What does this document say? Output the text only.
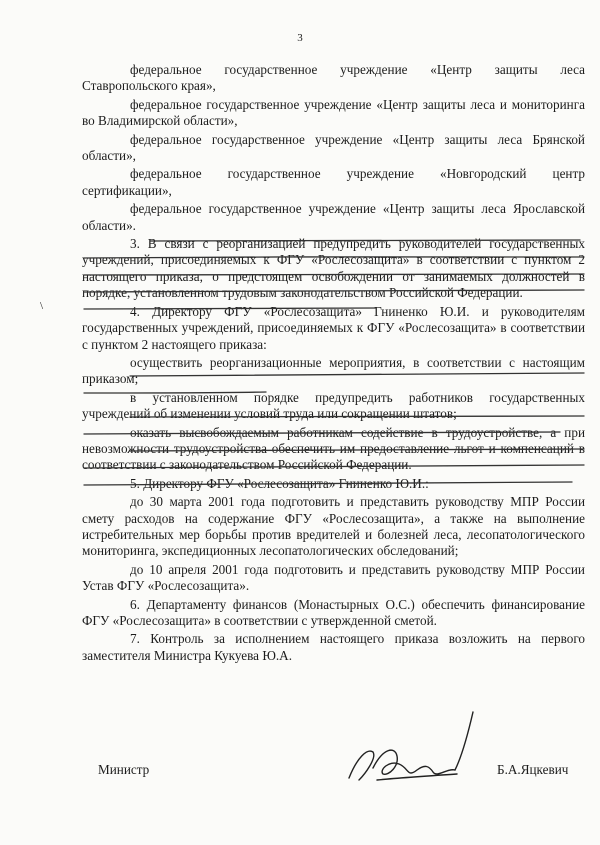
3
\

федеральное государственное учреждение «Центр защиты леса Ставропольского края»,

федеральное государственное учреждение «Центр защиты леса и мониторинга во Владимирской области»,

федеральное государственное учреждение «Центр защиты леса Брянской области»,

федеральное государственное учреждение «Новгородский центр сертификации»,

федеральное государственное учреждение «Центр защиты леса Ярославской области».

3. В связи с реорганизацией предупредить руководителей государственных учреждений, присоединяемых к ФГУ «Рослесозащита» в соответствии с пунктом 2 настоящего приказа, о предстоящем освобождении от занимаемых должностей в порядке, установленном трудовым законодательством Российской Федерации.

4. Директору ФГУ «Рослесозащита» Гниненко Ю.И. и руководителям государственных учреждений, присоединяемых к ФГУ «Рослесозащита» в соответствии с пунктом 2 настоящего приказа:

осуществить реорганизационные мероприятия, в соответствии с настоящим приказом;

в установленном порядке предупредить работников государственных учреждений об изменении условий труда или сокращении штатов;

оказать высвобождаемым работникам содействие в трудоустройстве, а при невозможности трудоустройства обеспечить им предоставление льгот и компенсаций в соответствии с законодательством Российской Федерации.

5. Директору ФГУ «Рослесозащита» Гниненко Ю.И.:

до 30 марта 2001 года подготовить и представить руководству МПР России смету расходов на содержание ФГУ «Рослесозащита», а также на выполнение истребительных мер борьбы против вредителей и болезней леса, лесопатологического мониторинга, экспедиционных лесопатологических обследований;

до 10 апреля 2001 года подготовить и представить руководству МПР России Устав ФГУ «Рослесозащита».

6. Департаменту финансов (Монастырных О.С.) обеспечить финансирование ФГУ «Рослесозащита» в соответствии с утвержденной сметой.

7. Контроль за исполнением настоящего приказа возложить на первого заместителя Министра Кукуева Ю.А.

Министр	Б.А.Яцкевич
